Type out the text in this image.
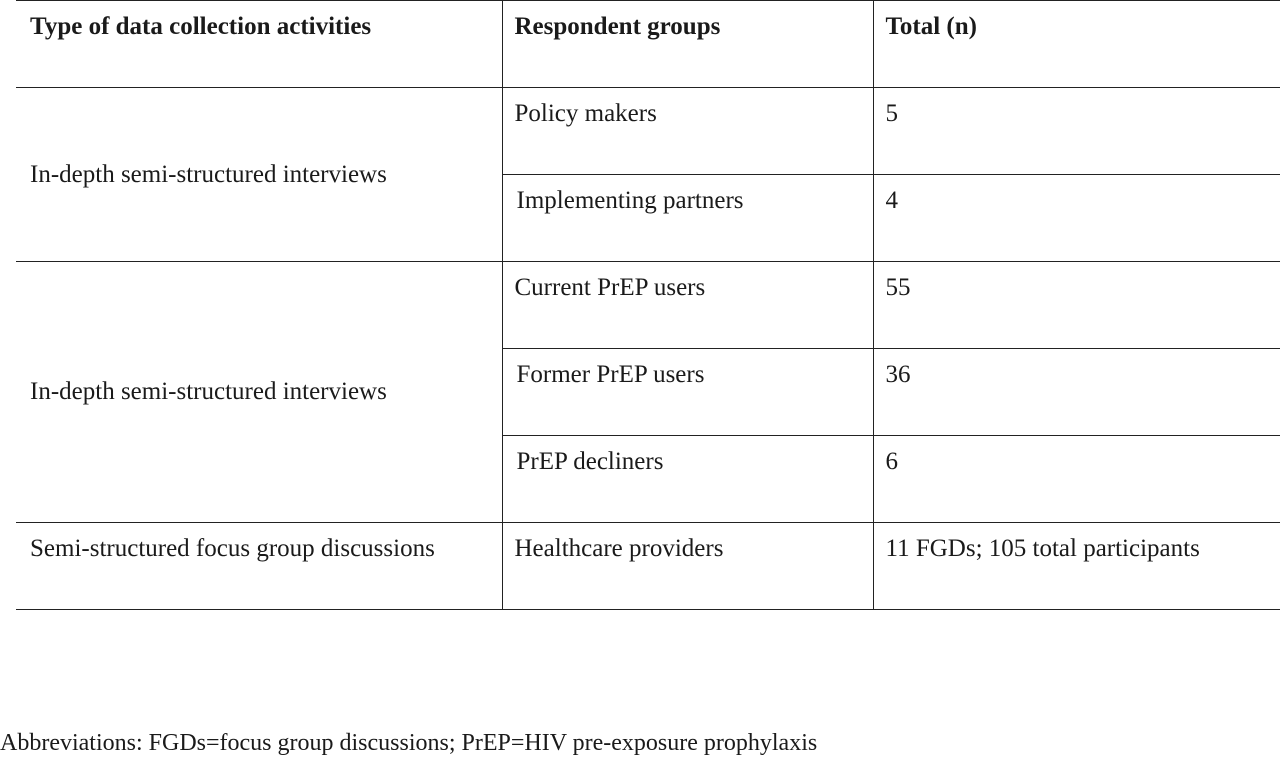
Type of data collection activities	Respondent groups	Total (n)
In-depth semi-structured interviews	Policy makers	5
	Implementing partners	4
In-depth semi-structured interviews	Current PrEP users	55
	Former PrEP users	36
	PrEP decliners	6
Semi-structured focus group discussions	Healthcare providers	11 FGDs; 105 total participants
Abbreviations: FGDs=focus group discussions; PrEP=HIV pre-exposure prophylaxis
